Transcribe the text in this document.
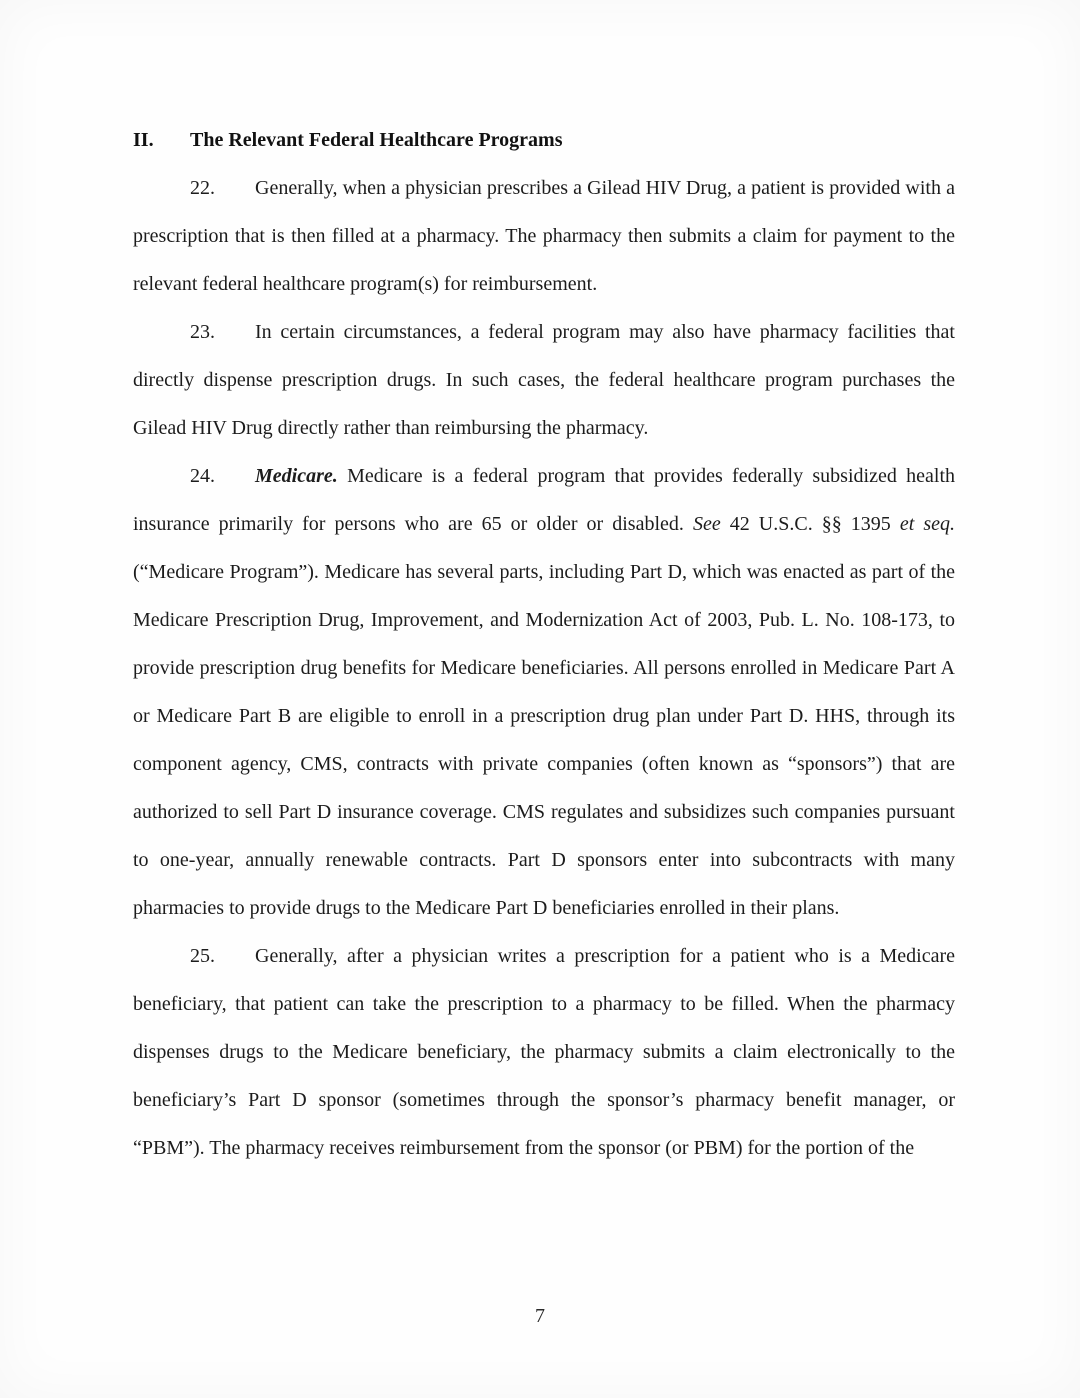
II.	The Relevant Federal Healthcare Programs

22. Generally, when a physician prescribes a Gilead HIV Drug, a patient is provided with a prescription that is then filled at a pharmacy. The pharmacy then submits a claim for payment to the relevant federal healthcare program(s) for reimbursement.

23. In certain circumstances, a federal program may also have pharmacy facilities that directly dispense prescription drugs. In such cases, the federal healthcare program purchases the Gilead HIV Drug directly rather than reimbursing the pharmacy.

24. Medicare. Medicare is a federal program that provides federally subsidized health insurance primarily for persons who are 65 or older or disabled. See 42 U.S.C. §§ 1395 et seq. (“Medicare Program”). Medicare has several parts, including Part D, which was enacted as part of the Medicare Prescription Drug, Improvement, and Modernization Act of 2003, Pub. L. No. 108-173, to provide prescription drug benefits for Medicare beneficiaries. All persons enrolled in Medicare Part A or Medicare Part B are eligible to enroll in a prescription drug plan under Part D. HHS, through its component agency, CMS, contracts with private companies (often known as “sponsors”) that are authorized to sell Part D insurance coverage. CMS regulates and subsidizes such companies pursuant to one-year, annually renewable contracts. Part D sponsors enter into subcontracts with many pharmacies to provide drugs to the Medicare Part D beneficiaries enrolled in their plans.

25. Generally, after a physician writes a prescription for a patient who is a Medicare beneficiary, that patient can take the prescription to a pharmacy to be filled. When the pharmacy dispenses drugs to the Medicare beneficiary, the pharmacy submits a claim electronically to the beneficiary’s Part D sponsor (sometimes through the sponsor’s pharmacy benefit manager, or “PBM”). The pharmacy receives reimbursement from the sponsor (or PBM) for the portion of the

7
